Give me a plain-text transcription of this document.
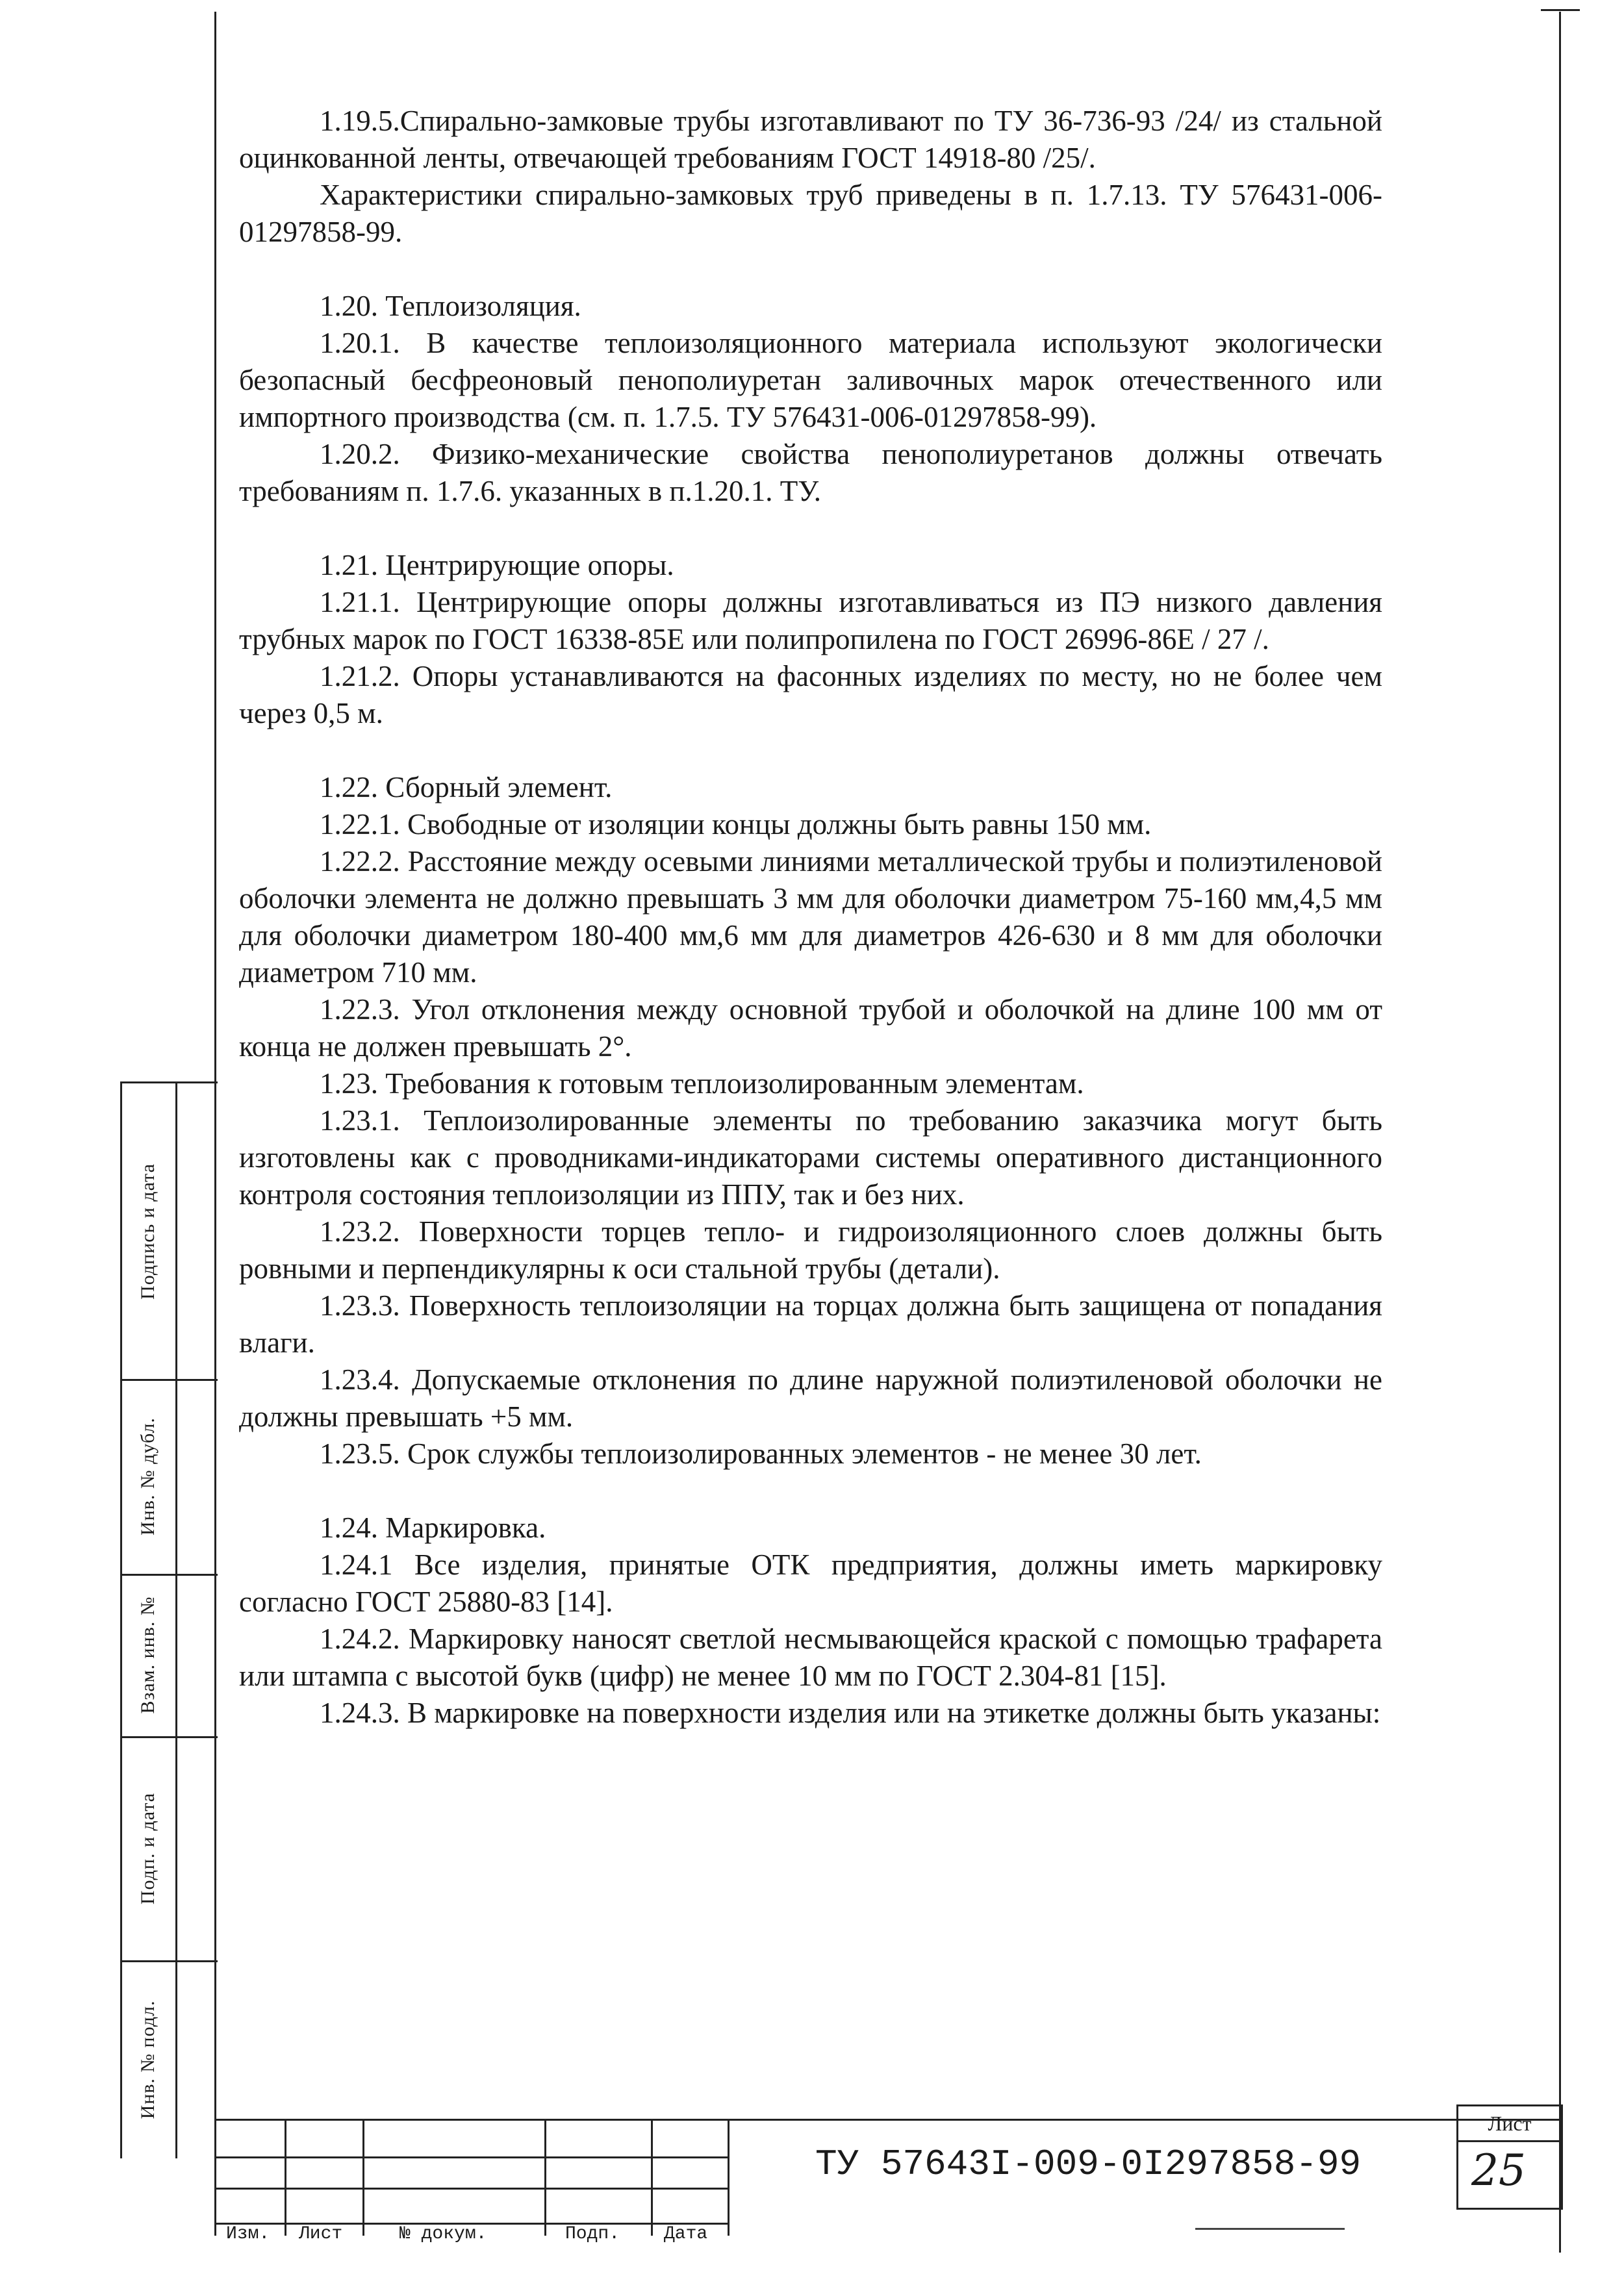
1.19.5.Спирально-замковые трубы изготавливают по ТУ 36-736-93 /24/ из стальной оцинкованной ленты, отвечающей требованиям ГОСТ 14918-80 /25/.

Характеристики спирально-замковых труб приведены в п. 1.7.13. ТУ 576431-006-01297858-99.

1.20. Теплоизоляция.

1.20.1. В качестве теплоизоляционного материала используют экологически безопасный бесфреоновый пенополиуретан заливочных марок отечественного или импортного производства (см. п. 1.7.5. ТУ 576431-006-01297858-99).

1.20.2. Физико-механические свойства пенополиуретанов должны отвечать требованиям п. 1.7.6. указанных в п.1.20.1. ТУ.

1.21. Центрирующие опоры.

1.21.1. Центрирующие опоры должны изготавливаться из ПЭ низкого давления трубных марок по ГОСТ 16338-85Е или полипропилена по ГОСТ 26996-86Е / 27 /.

1.21.2. Опоры устанавливаются на фасонных изделиях по месту, но не более чем через 0,5 м.

1.22. Сборный элемент.

1.22.1. Свободные от изоляции концы должны быть равны 150 мм.

1.22.2. Расстояние между осевыми линиями металлической трубы и полиэтиленовой оболочки элемента не должно превышать 3 мм для оболочки диаметром 75-160 мм,4,5 мм для оболочки диаметром 180-400 мм,6 мм для диаметров 426-630 и 8 мм для оболочки диаметром 710 мм.

1.22.3. Угол отклонения между основной трубой и оболочкой на длине 100 мм от конца не должен превышать 2°.

1.23. Требования к готовым теплоизолированным элементам.

1.23.1. Теплоизолированные элементы по требованию заказчика могут быть изготовлены как с проводниками-индикаторами системы оперативного дистанционного контроля состояния теплоизоляции из ППУ, так и без них.

1.23.2. Поверхности торцев тепло- и гидроизоляционного слоев должны быть ровными и перпендикулярны к оси стальной трубы (детали).

1.23.3. Поверхность теплоизоляции на торцах должна быть защищена от попадания влаги.

1.23.4. Допускаемые отклонения по длине наружной полиэтиленовой оболочки не должны превышать +5 мм.

1.23.5. Срок службы теплоизолированных элементов - не менее 30 лет.

1.24. Маркировка.

1.24.1 Все изделия, принятые ОТК предприятия, должны иметь маркировку согласно ГОСТ 25880-83 [14].

1.24.2. Маркировку наносят светлой несмывающейся краской с помощью трафарета или штампа с высотой букв (цифр) не менее 10 мм по ГОСТ 2.304-81 [15].

1.24.3. В маркировке на поверхности изделия или на этикетке должны быть указаны:

Подпись и дата
Инв. № дубл.
Взам. инв. №
Подп. и дата
Инв. № подл.
Изм. Лист	№ докум.	Подп. Дата
ТУ 57643I-009-0I297858-99
Лист
25
